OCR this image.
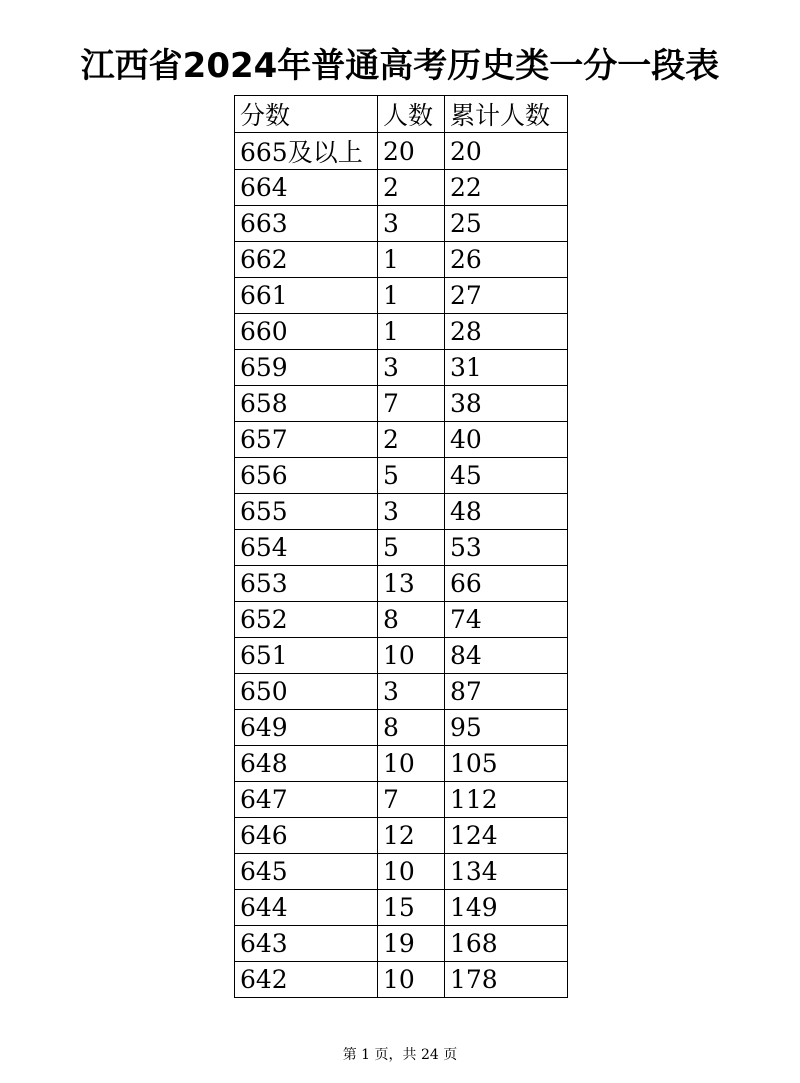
江西省2024年普通高考历史类一分一段表
分数	人数	累计人数
665及以上	20	20
664	2	22
663	3	25
662	1	26
661	1	27
660	1	28
659	3	31
658	7	38
657	2	40
656	5	45
655	3	48
654	5	53
653	13	66
652	8	74
651	10	84
650	3	87
649	8	95
648	10	105
647	7	112
646	12	124
645	10	134
644	15	149
643	19	168
642	10	178
第 1 页，共 24 页
